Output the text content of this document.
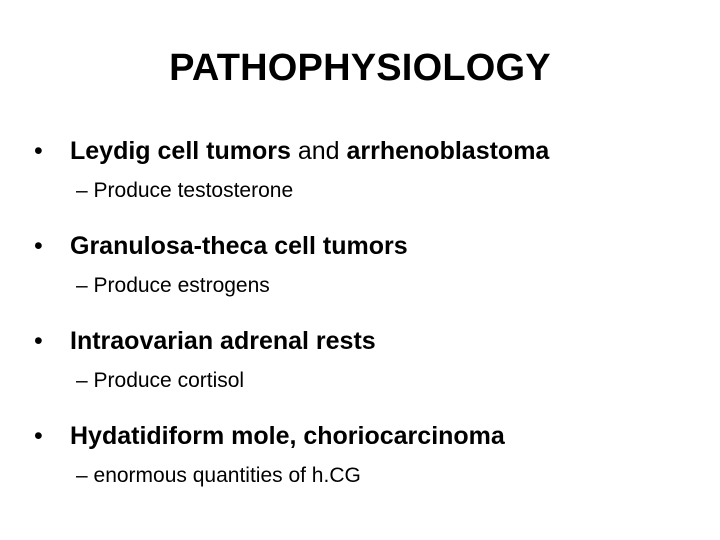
PATHOPHYSIOLOGY
• Leydig cell tumors and arrhenoblastoma
– Produce testosterone
• Granulosa-theca cell tumors
– Produce estrogens
• Intraovarian adrenal rests
– Produce cortisol
• Hydatidiform mole, choriocarcinoma
– enormous quantities of h.CG
